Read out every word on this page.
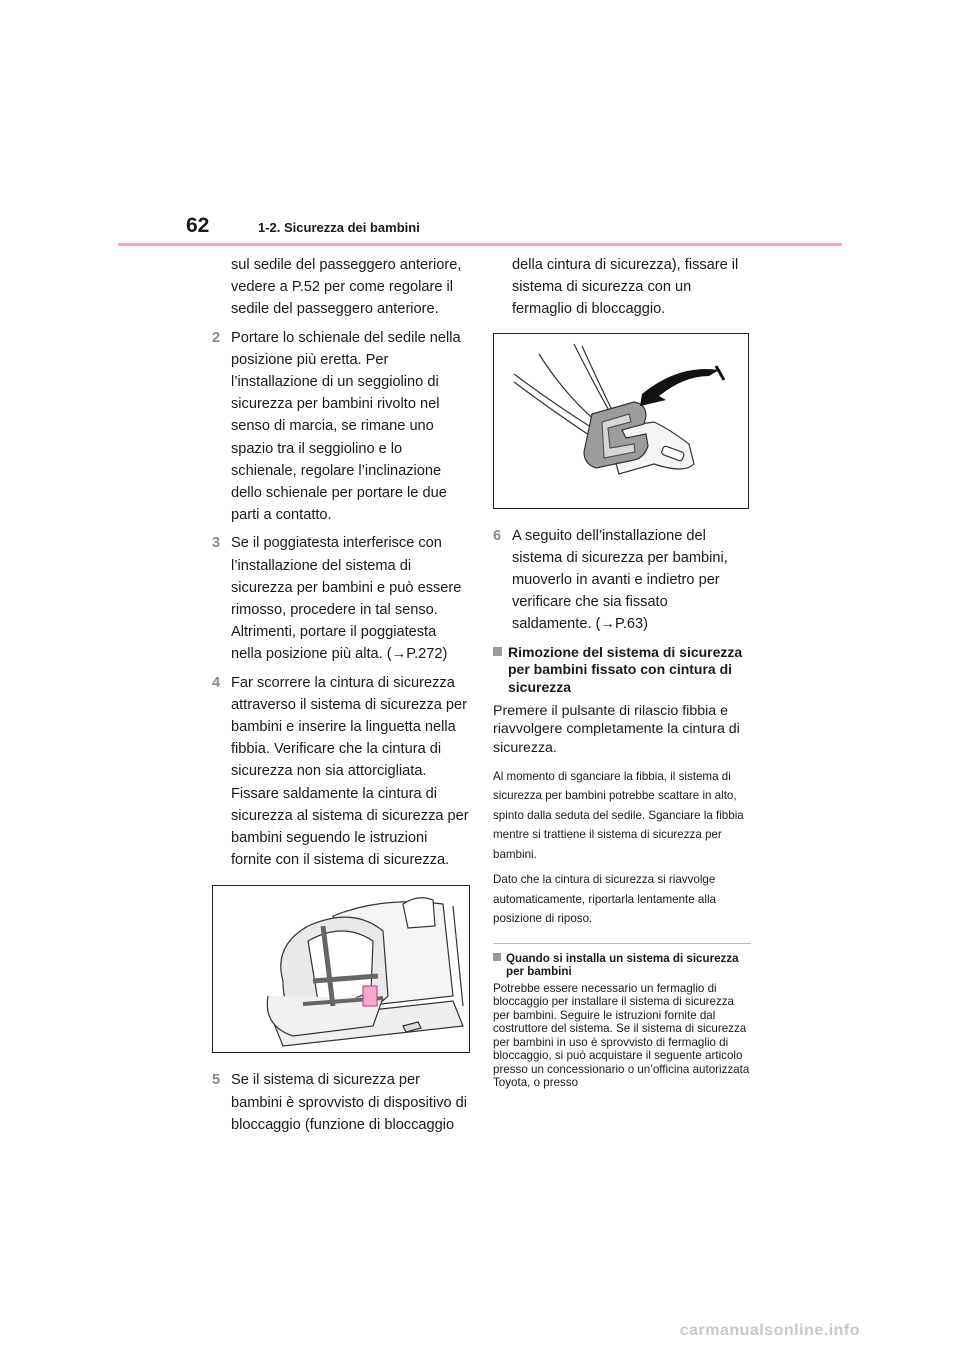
62	1-2. Sicurezza dei bambini

sul sedile del passeggero anteriore, vedere a P.52 per come regolare il sedile del passeggero anteriore.

2 Portare lo schienale del sedile nella posizione più eretta. Per l’installazione di un seggiolino di sicurezza per bambini rivolto nel senso di marcia, se rimane uno spazio tra il seggiolino e lo schienale, regolare l’inclinazione dello schienale per portare le due parti a contatto.
3 Se il poggiatesta interferisce con l’installazione del sistema di sicurezza per bambini e può essere rimosso, procedere in tal senso. Altrimenti, portare il poggiatesta nella posizione più alta. (→P.272)
4 Far scorrere la cintura di sicurezza attraverso il sistema di sicurezza per bambini e inserire la linguetta nella fibbia. Verificare che la cintura di sicurezza non sia attorcigliata. Fissare saldamente la cintura di sicurezza al sistema di sicurezza per bambini seguendo le istruzioni fornite con il sistema di sicurezza.
5 Se il sistema di sicurezza per bambini è sprovvisto di dispositivo di bloccaggio (funzione di bloccaggio

della cintura di sicurezza), fissare il sistema di sicurezza con un fermaglio di bloccaggio.

6 A seguito dell’installazione del sistema di sicurezza per bambini, muoverlo in avanti e indietro per verificare che sia fissato saldamente. (→P.63)
Rimozione del sistema di sicurezza per bambini fissato con cintura di sicurezza

Premere il pulsante di rilascio fibbia e riavvolgere completamente la cintura di sicurezza.

Al momento di sganciare la fibbia, il sistema di sicurezza per bambini potrebbe scattare in alto, spinto dalla seduta del sedile. Sganciare la fibbia mentre si trattiene il sistema di sicurezza per bambini.

Dato che la cintura di sicurezza si riavvolge automaticamente, riportarla lentamente alla posizione di riposo.

Quando si installa un sistema di sicurezza per bambini

Potrebbe essere necessario un fermaglio di bloccaggio per installare il sistema di sicurezza per bambini. Seguire le istruzioni fornite dal costruttore del sistema. Se il sistema di sicurezza per bambini in uso è sprovvisto di fermaglio di bloccaggio, si può acquistare il seguente articolo presso un concessionario o un’officina autorizzata Toyota, o presso

carmanualsonline.info
